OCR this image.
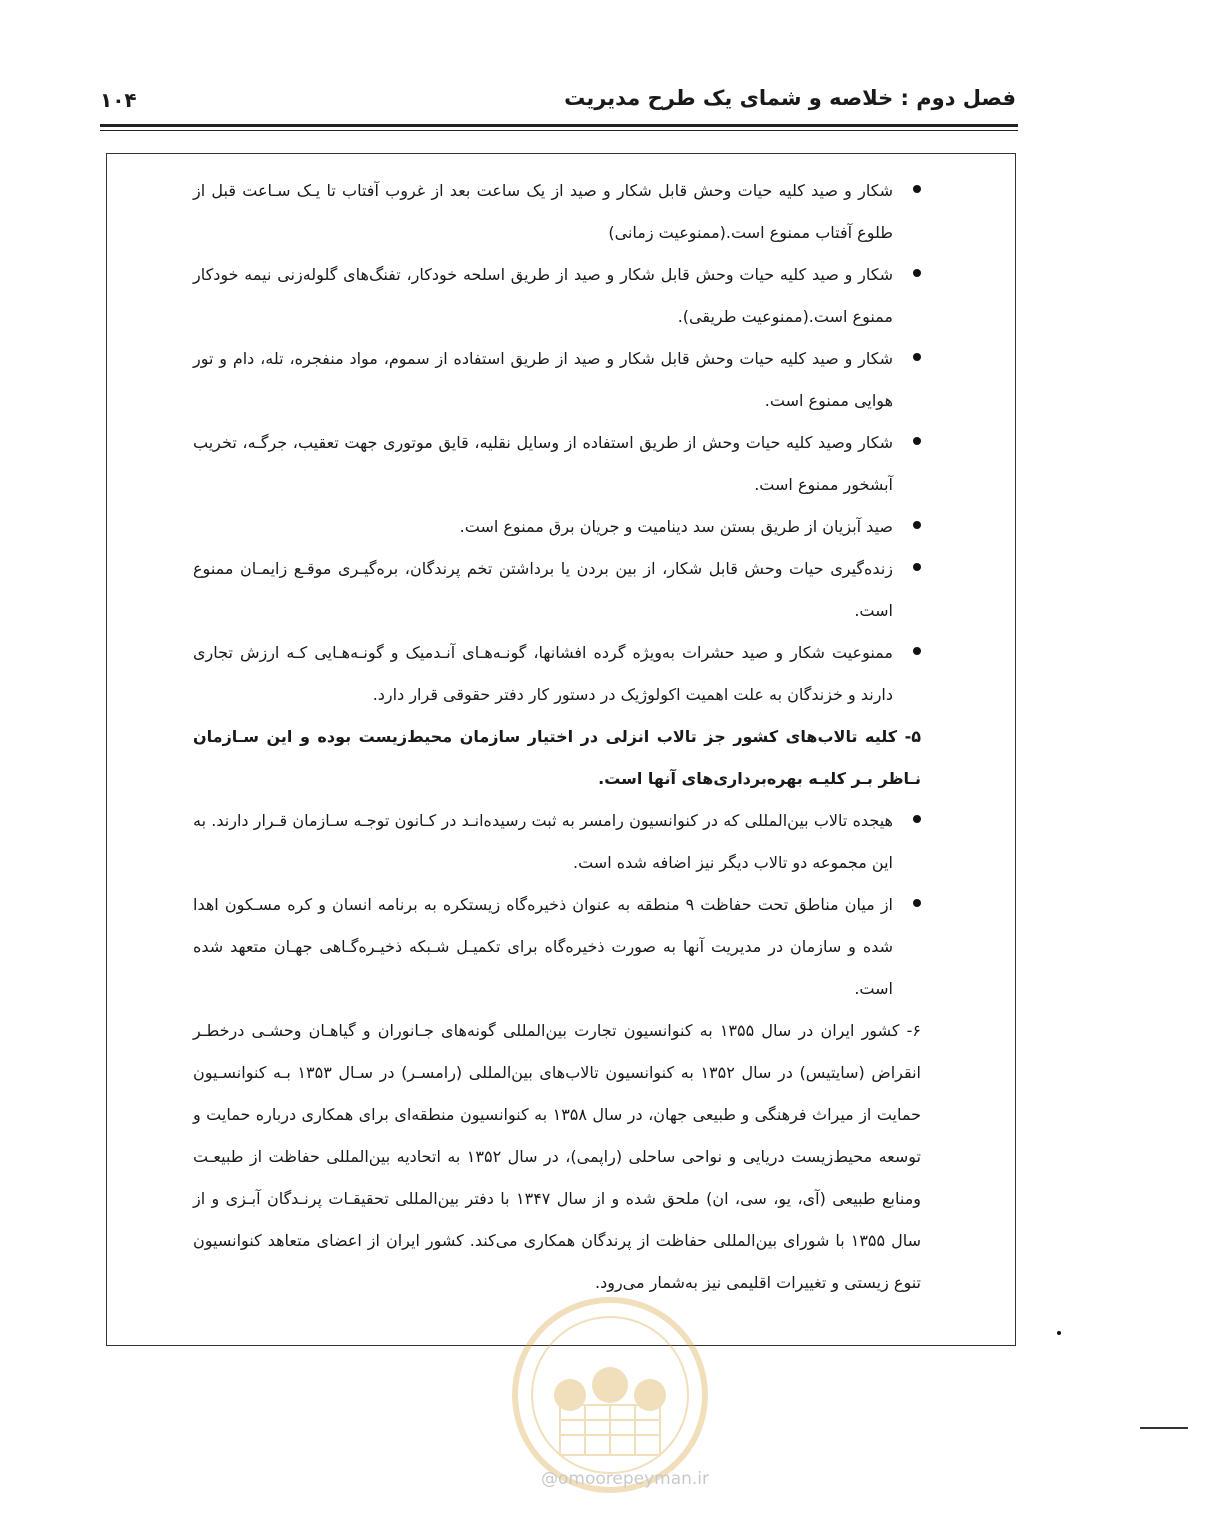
فصل دوم : خلاصه و شمای یک طرح مدیریت
۱۰۴
شکار و صید کلیه حیات وحش قابل شکار و صید از یک ساعت بعد از غروب آفتاب تا یـک سـاعت قبل از طلوع آفتاب ممنوع است.(ممنوعیت زمانی)
شکار و صید کلیه حیات وحش قابل شکار و صید از طریق اسلحه خودکار، تفنگ‌های گلوله‌زنی نیمه خودکار ممنوع است.(ممنوعیت طریقی).
شکار و صید کلیه حیات وحش قابل شکار و صید از طریق استفاده از سموم، مواد منفجره، تله، دام و تور هوایی ممنوع است.
شکار وصید کلیه حیات وحش از طریق استفاده از وسایل نقلیه، قایق موتوری جهت تعقیب، جرگـه، تخریب آبشخور ممنوع است.
صید آبزیان از طریق بستن سد دینامیت و جریان برق ممنوع است.
زنده‌گیری حیات وحش قابل شکار، از بین بردن یا برداشتن تخم پرندگان، بره‌گیـری موقـع زایمـان ممنوع است.
ممنوعیت شکار و صید حشرات به‌ویژه گرده افشانها، گونـه‌هـای آنـدمیک و گونـه‌هـایی کـه ارزش تجاری دارند و خزندگان به علت اهمیت اکولوژیک در دستور کار دفتر حقوقی قرار دارد.

۵- کلیه تالاب‌های کشور جز تالاب انزلی در اختیار سازمان محیط‌زیست بوده و این سـازمان نـاظر بـر کلیـه بهره‌برداری‌های آنها است.

هیجده تالاب بین‌المللی که در کنوانسیون رامسر به ثبت رسیده‌انـد در کـانون توجـه سـازمان قـرار دارند. به این مجموعه دو تالاب دیگر نیز اضافه شده است.
از میان مناطق تحت حفاظت ۹ منطقه به عنوان ذخیره‌گاه زیستکره به برنامه انسان و کره مسـکون اهدا شده و سازمان در مدیریت آنها به صورت ذخیره‌گاه برای تکمیـل شـبکه ذخیـره‌گـاهی جهـان متعهد شده است.

۶- کشور ایران در سال ۱۳۵۵ به کنوانسیون تجارت بین‌المللی گونه‌های جـانوران و گیاهـان وحشـی درخطـر انقراض (سایتیس) در سال ۱۳۵۲ به کنوانسیون تالاب‌های بین‌المللی (رامسـر) در سـال ۱۳۵۳ بـه کنوانسـیون حمایت از میراث فرهنگی و طبیعی جهان، در سال ۱۳۵۸ به کنوانسیون منطقه‌ای برای همکاری درباره حمایت و توسعه محیط‌زیست دریایی و نواحی ساحلی (راپمی)، در سال ۱۳۵۲ به اتحادیه بین‌المللی حفاظت از طبیعـت ومنابع طبیعی (آی، یو، سی، ان) ملحق شده و از سال ۱۳۴۷ با دفتر بین‌المللی تحقیقـات پرنـدگان آبـزی و از سال ۱۳۵۵ با شورای بین‌المللی حفاظت از پرندگان همکاری می‌کند. کشور ایران از اعضای متعاهد کنوانسیون تنوع زیستی و تغییرات اقلیمی نیز به‌شمار می‌رود.

@omoorepeyman.ir
